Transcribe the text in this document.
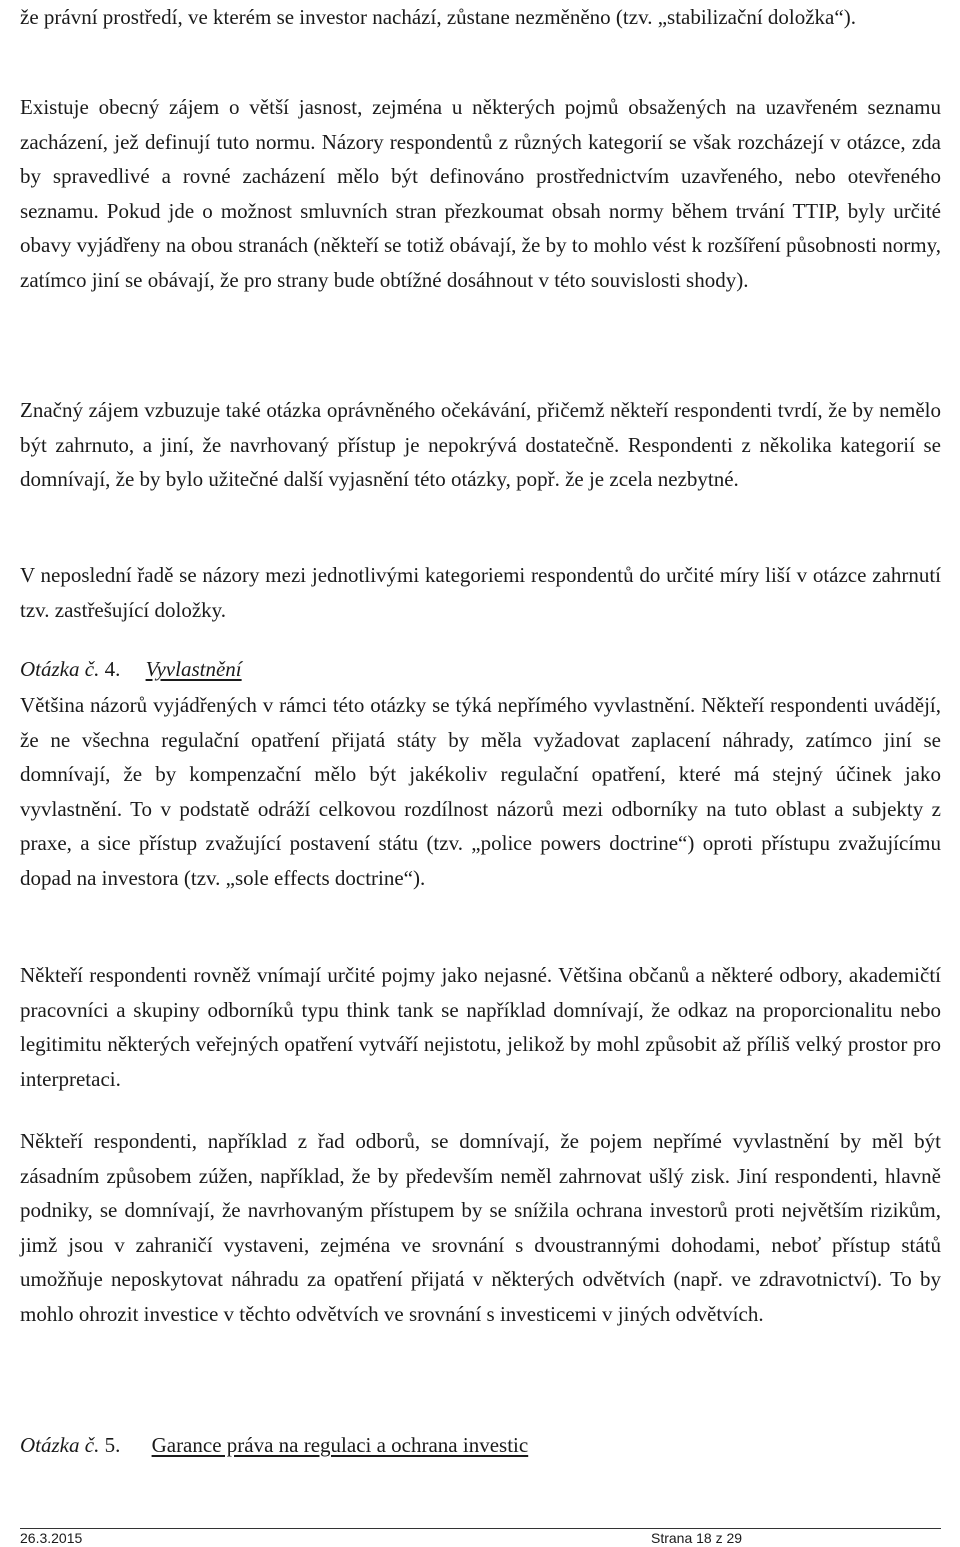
že právní prostředí, ve kterém se investor nachází, zůstane nezměněno (tzv. „stabilizační doložka“).

Existuje obecný zájem o větší jasnost, zejména u některých pojmů obsažených na uzavřeném seznamu zacházení, jež definují tuto normu. Názory respondentů z různých kategorií se však rozcházejí v otázce, zda by spravedlivé a rovné zacházení mělo být definováno prostřednictvím uzavřeného, nebo otevřeného seznamu. Pokud jde o možnost smluvních stran přezkoumat obsah normy během trvání TTIP, byly určité obavy vyjádřeny na obou stranách (někteří se totiž obávají, že by to mohlo vést k rozšíření působnosti normy, zatímco jiní se obávají, že pro strany bude obtížné dosáhnout v této souvislosti shody).

Značný zájem vzbuzuje také otázka oprávněného očekávání, přičemž někteří respondenti tvrdí, že by nemělo být zahrnuto, a jiní, že navrhovaný přístup je nepokrývá dostatečně. Respondenti z několika kategorií se domnívají, že by bylo užitečné další vyjasnění této otázky, popř. že je zcela nezbytné.

V neposlední řadě se názory mezi jednotlivými kategoriemi respondentů do určité míry liší v otázce zahrnutí tzv. zastřešující doložky.

Otázka č. 4. Vyvlastnění

Většina názorů vyjádřených v rámci této otázky se týká nepřímého vyvlastnění. Někteří respondenti uvádějí, že ne všechna regulační opatření přijatá státy by měla vyžadovat zaplacení náhrady, zatímco jiní se domnívají, že by kompenzační mělo být jakékoliv regulační opatření, které má stejný účinek jako vyvlastnění. To v podstatě odráží celkovou rozdílnost názorů mezi odborníky na tuto oblast a subjekty z praxe, a sice přístup zvažující postavení státu (tzv. „police powers doctrine“) oproti přístupu zvažujícímu dopad na investora (tzv. „sole effects doctrine“).

Někteří respondenti rovněž vnímají určité pojmy jako nejasné. Většina občanů a některé odbory, akademičtí pracovníci a skupiny odborníků typu think tank se například domnívají, že odkaz na proporcionalitu nebo legitimitu některých veřejných opatření vytváří nejistotu, jelikož by mohl způsobit až příliš velký prostor pro interpretaci.

Někteří respondenti, například z řad odborů, se domnívají, že pojem nepřímé vyvlastnění by měl být zásadním způsobem zúžen, například, že by především neměl zahrnovat ušlý zisk. Jiní respondenti, hlavně podniky, se domnívají, že navrhovaným přístupem by se snížila ochrana investorů proti největším rizikům, jimž jsou v zahraničí vystaveni, zejména ve srovnání s dvoustrannými dohodami, neboť přístup států umožňuje neposkytovat náhradu za opatření přijatá v některých odvětvích (např. ve zdravotnictví). To by mohlo ohrozit investice v těchto odvětvích ve srovnání s investicemi v jiných odvětvích.

Otázka č. 5. Garance práva na regulaci a ochrana investic
26.3.2015	Strana 18 z 29
